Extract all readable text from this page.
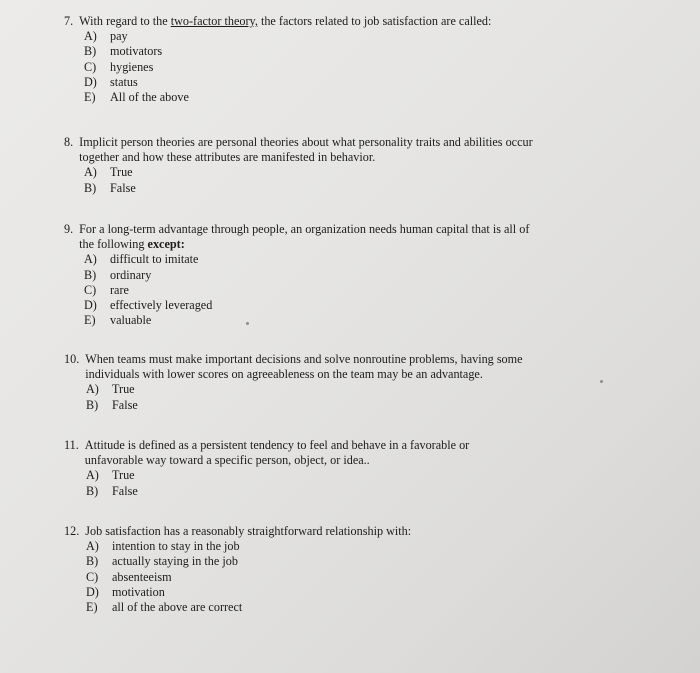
7. With regard to the two-factor theory, the factors related to job satisfaction are called:
A)	pay
B)	motivators
C)	hygienes
D)	status
E)	All of the above
8. Implicit person theories are personal theories about what personality traits and abilities occur together and how these attributes are manifested in behavior.
A)	True
B)	False
9. For a long-term advantage through people, an organization needs human capital that is all of the following except:
A)	difficult to imitate
B)	ordinary
C)	rare
D)	effectively leveraged
E)	valuable
10. When teams must make important decisions and solve nonroutine problems, having some individuals with lower scores on agreeableness on the team may be an advantage.
A)	True
B)	False
11. Attitude is defined as a persistent tendency to feel and behave in a favorable or unfavorable way toward a specific person, object, or idea..
A)	True
B)	False
12. Job satisfaction has a reasonably straightforward relationship with:
A)	intention to stay in the job
B)	actually staying in the job
C)	absenteeism
D)	motivation
E)	all of the above are correct
